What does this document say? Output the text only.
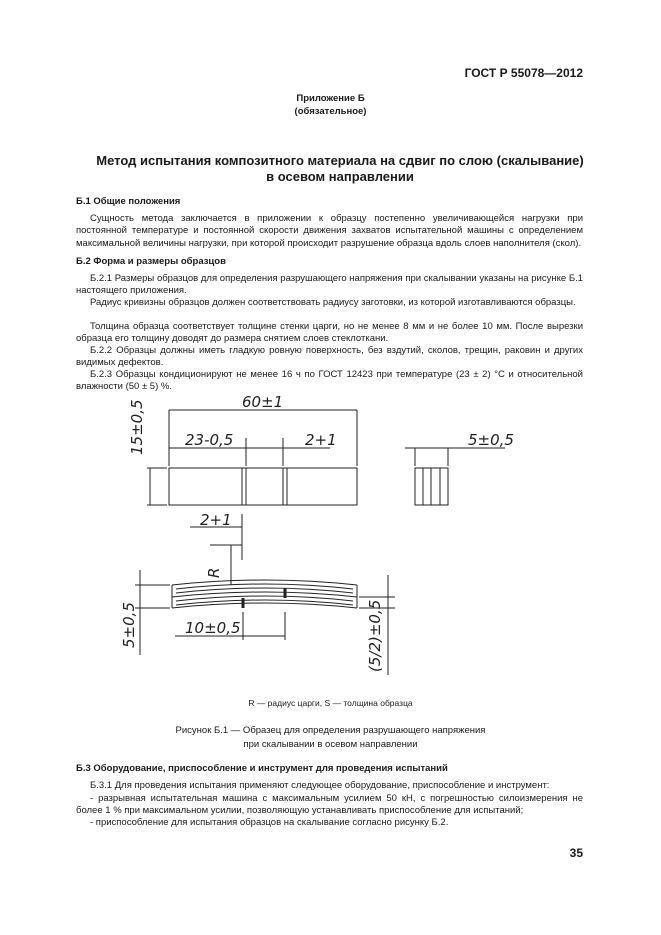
ГОСТ Р 55078—2012
Приложение Б
(обязательное)
Метод испытания композитного материала на сдвиг по слою (скалывание)
в осевом направлении
Б.1 Общие положения
Сущность метода заключается в приложении к образцу постепенно увеличивающейся нагрузки при постоянной температуре и постоянной скорости движения захватов испытательной машины с определением максимальной величины нагрузки, при которой происходит разрушение образца вдоль слоев наполнителя (скол).
Б.2 Форма и размеры образцов
Б.2.1 Размеры образцов для определения разрушающего напряжения при скалывании указаны на рисунке Б.1 настоящего приложения.
Радиус кривизны образцов должен соответствовать радиусу заготовки, из которой изготавливаются образцы.
Толщина образца соответствует толщине стенки царги, но не менее 8 мм и не более 10 мм. После вырезки образца его толщину доводят до размера снятием слоев стеклоткани.
Б.2.2 Образцы должны иметь гладкую ровную поверхность, без вздутий, сколов, трещин, раковин и других видимых дефектов.
Б.2.3 Образцы кондиционируют не менее 16 ч по ГОСТ 12423 при температуре (23 ± 2) °С и относительной влажности (50 ± 5) %.
60±1
23-0,5	2+1	5±0,5
15±0,5
2+1
R
10±0,5
5±0,5	(5/2)±0,5
R — радиус царги, S — толщина образца
Рисунок Б.1 — Образец для определения разрушающего напряжения
при скалывании в осевом направлении
Б.3 Оборудование, приспособление и инструмент для проведения испытаний
Б.3.1 Для проведения испытания применяют следующее оборудование, приспособление и инструмент:
- разрывная испытательная машина с максимальным усилием 50 кН, с погрешностью силоизмерения не более 1 % при максимальном усилии, позволяющую устанавливать приспособление для испытаний;
- приспособление для испытания образцов на скалывание согласно рисунку Б.2.
35
